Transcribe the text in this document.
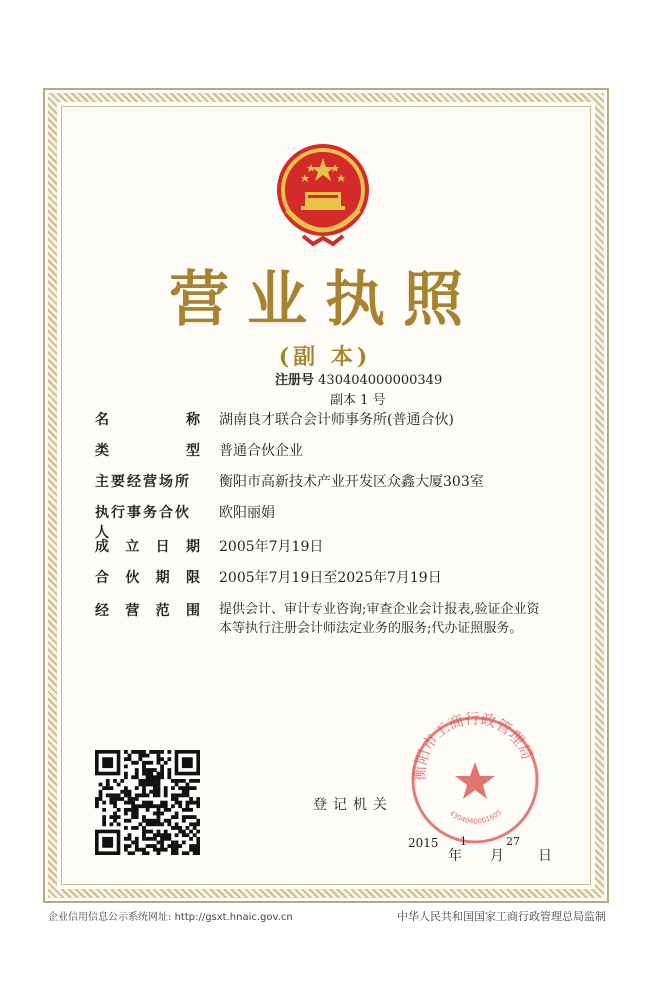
营业执照
(副 本)
注册号 430404000000349
副本 1 号
名	称 湖南良才联合会计师事务所(普通合伙)
类	型 普通合伙企业
主要经营场所	衡阳市高新技术产业开发区众鑫大厦303室
执行事务合伙人
欧阳丽娟
成 立 日 期 2005年7月19日
合 伙 期 限 2005年7月19日至2025年7月19日
经 营 范 围 提供会计、审计专业咨询;审查企业会计报表,验证企业资本等执行注册会计师法定业务的服务;代办证照服务。
登记机关
衡阳市工商行政管理局
4304040001605
2015
年
1
月
27
日
企业信用信息公示系统网址: http://gsxt.hnaic.gov.cn	中华人民共和国国家工商行政管理总局监制
